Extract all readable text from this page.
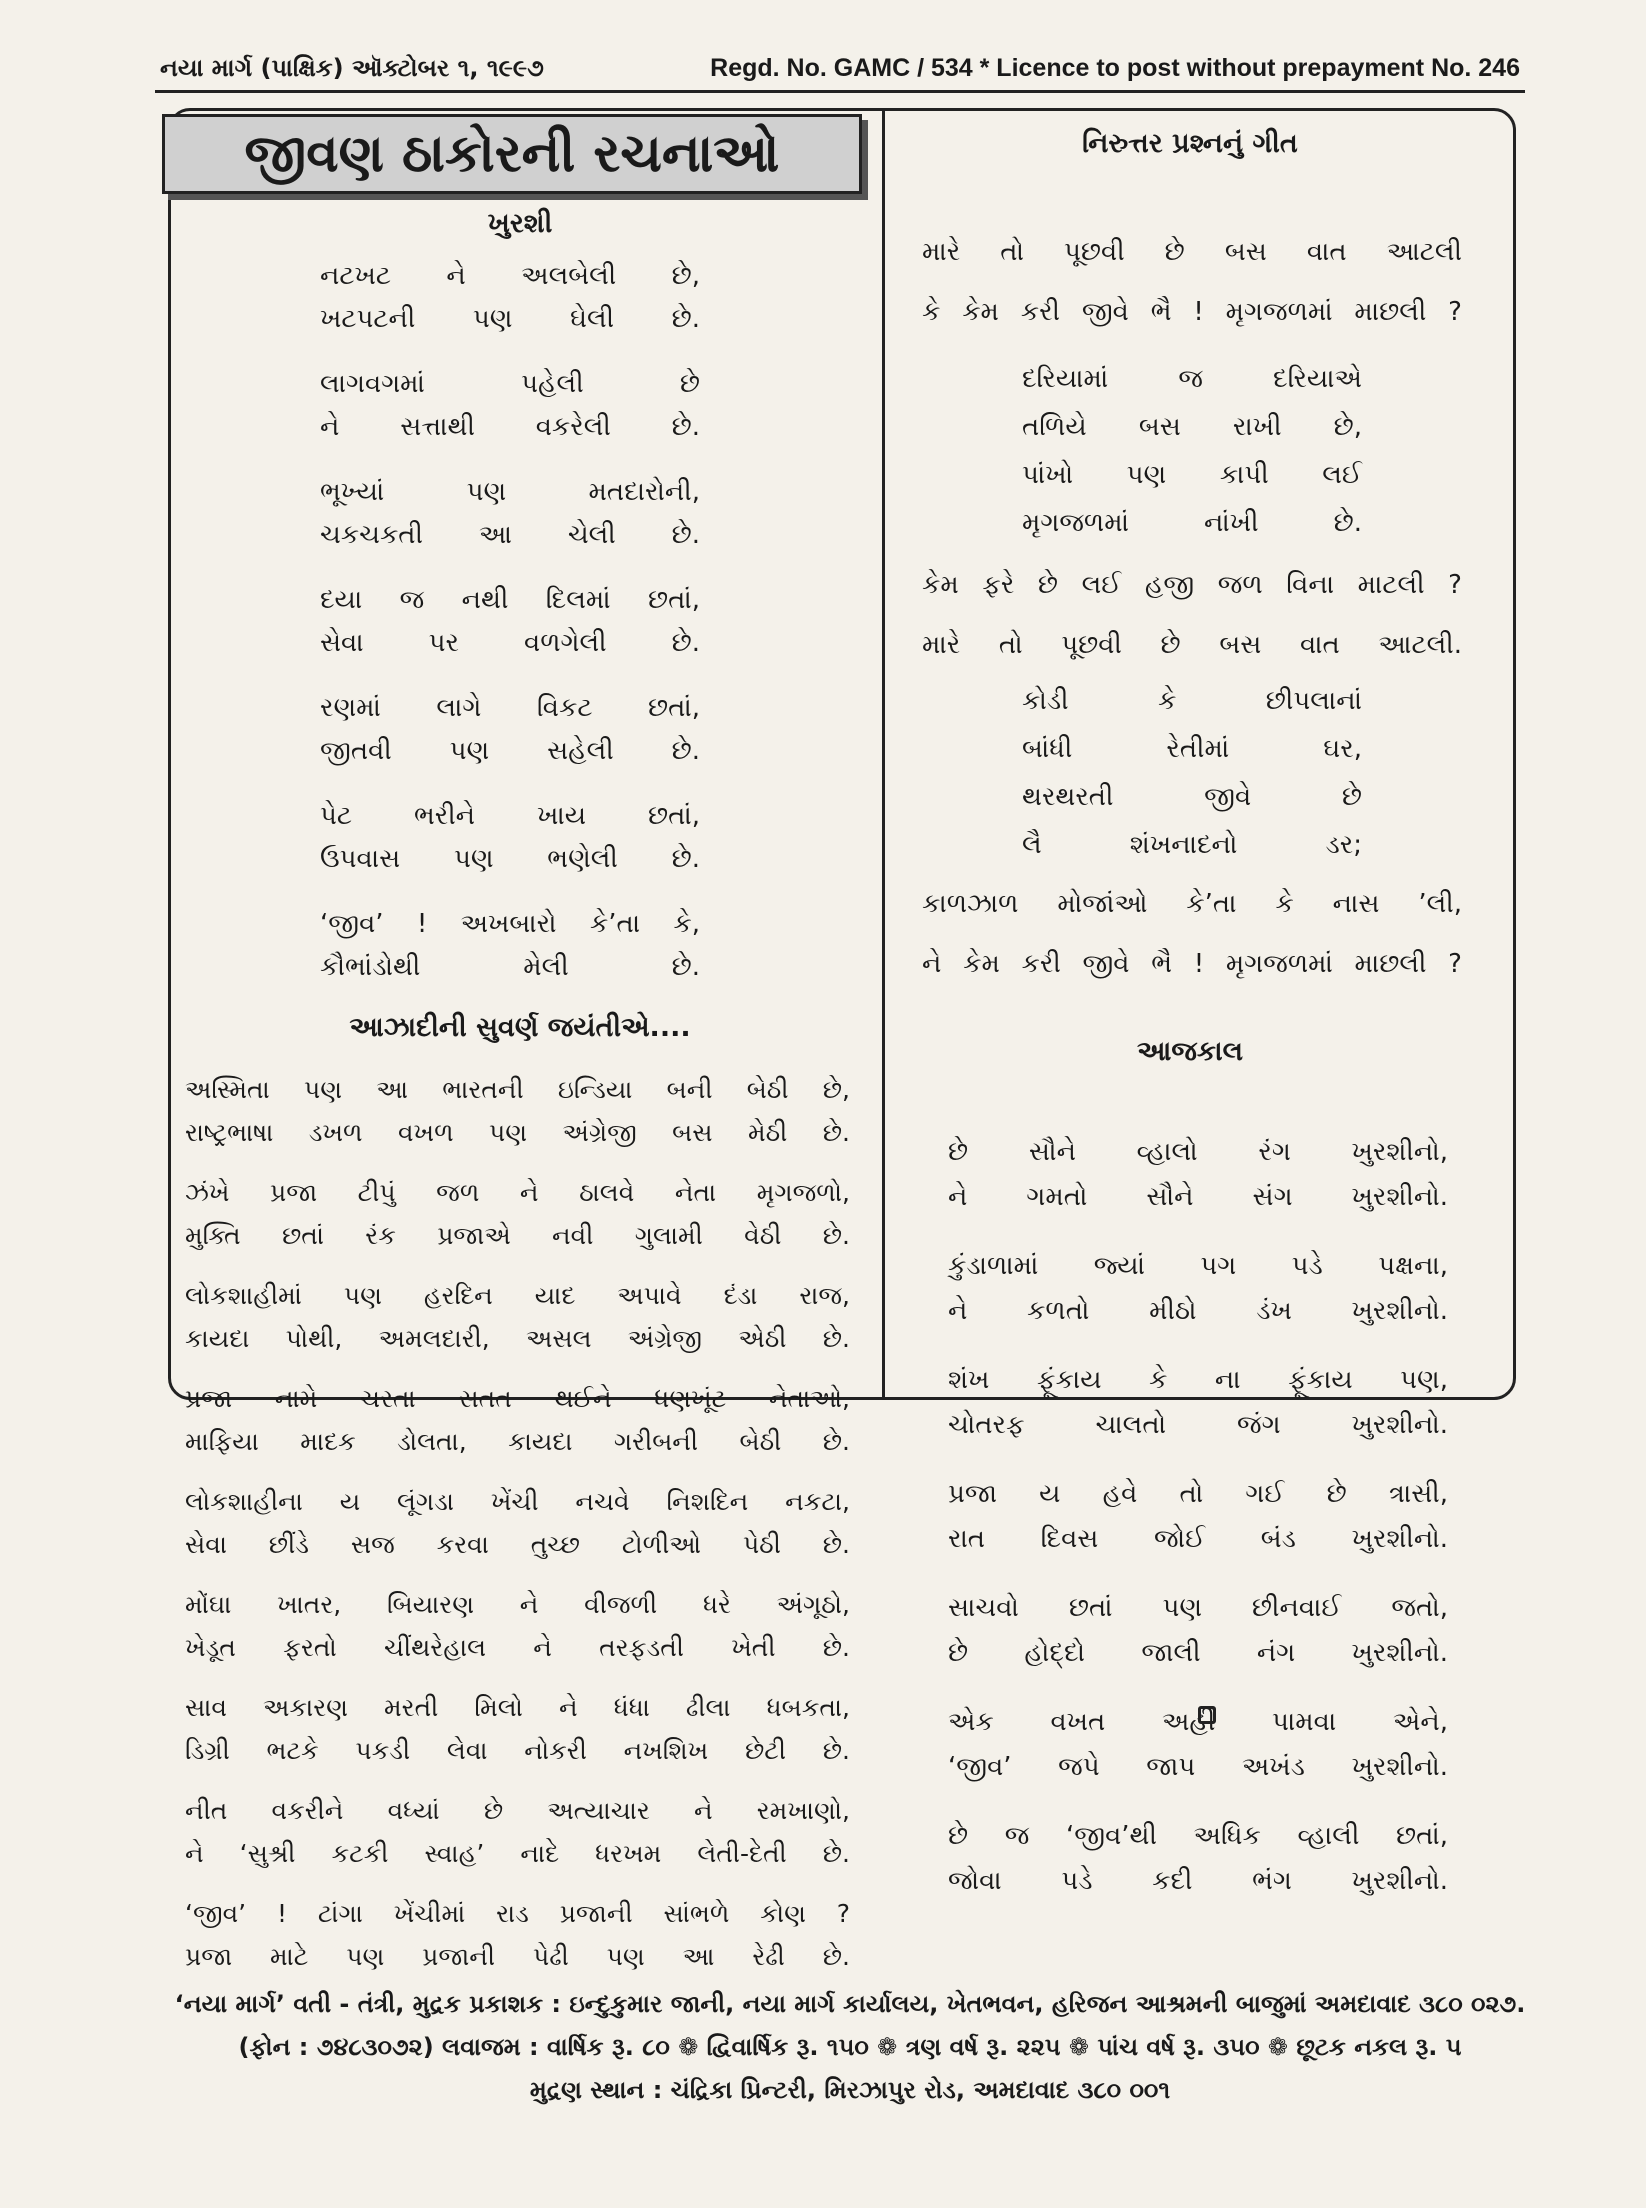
નયા માર્ગ (પાક્ષિક) ઑક્ટોબર ૧, ૧૯૯૭	Regd. No. GAMC / 534 * Licence to post without prepayment No. 246
જીવણ ઠાકોરની રચનાઓ
ખુરશી
નટખટ ને અલબેલી છે,
ખટપટની પણ ઘેલી છે.
લાગવગમાં પહેલી છે
ને સત્તાથી વકરેલી છે.
ભૂખ્યાં પણ મતદારોની,
ચકચકતી આ ચેલી છે.
દયા જ નથી દિલમાં છતાં,
સેવા પર વળગેલી છે.
રણમાં લાગે વિકટ છતાં,
જીતવી પણ સહેલી છે.
પેટ ભરીને ખાય છતાં,
ઉપવાસ પણ ભણેલી છે.
‘જીવ’ ! અખબારો કે’તા કે,
કૌભાંડોથી મેલી છે.
આઝાદીની સુવર્ણ જયંતીએ....
અસ્મિતા પણ આ ભારતની ઇન્ડિયા બની બેઠી છે,
રાષ્ટ્રભાષા ડખળ વખળ પણ અંગ્રેજી બસ મેઠી છે.
ઝંખે પ્રજા ટીપું જળ ને ઠાલવે નેતા મૃગજળો,
મુક્તિ છતાં રંક પ્રજાએ નવી ગુલામી વેઠી છે.
લોકશાહીમાં પણ હરદિન યાદ અપાવે દંડા રાજ,
કાયદા પોથી, અમલદારી, અસલ અંગ્રેજી એઠી છે.
પ્રજા નામે ચરતા સતત થઈને ધણખૂંટ નેતાઓ,
માફિયા માદક ડોલતા, કાયદા ગરીબની બેઠી છે.
લોકશાહીના ય લૂંગડા ખેંચી નચવે નિશદિન નકટા,
સેવા છીંડે સજ કરવા તુચ્છ ટોળીઓ પેઠી છે.
મોંઘા ખાતર, બિયારણ ને વીજળી ધરે અંગૂઠો,
ખેડૂત ફરતો ચીંથરેહાલ ને તરફડતી ખેતી છે.
સાવ અકારણ મરતી મિલો ને ધંધા ઢીલા ધબકતા,
ડિગ્રી ભટકે પકડી લેવા નોકરી નખશિખ છેટી છે.
નીત વકરીને વધ્યાં છે અત્યાચાર ને રમખાણો,
ને ‘સુશ્રી કટકી સ્વાહ’ નાદે ધરખમ લેતી-દેતી છે.
‘જીવ’ ! ટાંગા ખેંચીમાં રાડ પ્રજાની સાંભળે કોણ ?
પ્રજા માટે પણ પ્રજાની પેઢી પણ આ રેઢી છે.
નિરુત્તર પ્રશ્નનું ગીત
મારે તો પૂછવી છે બસ વાત આટલી
કે કેમ કરી જીવે ભૈ ! મૃગજળમાં માછલી ?
દરિયામાં જ દરિયાએ
તળિયે બસ રાખી છે,
પાંખો પણ કાપી લઈ
મૃગજળમાં નાંખી છે.
કેમ ફરે છે લઈ હજી જળ વિના માટલી ?
મારે તો પૂછવી છે બસ વાત આટલી.
કોડી કે છીપલાનાં
બાંધી રેતીમાં ઘર,
થરથરતી જીવે છે
લૈ શંખનાદનો ડર;
કાળઝાળ મોજાંઓ કે’તા કે નાસ ’લી,
ને કેમ કરી જીવે ભૈ ! મૃગજળમાં માછલી ?
આજકાલ
છે સૌને વ્હાલો રંગ ખુરશીનો,
ને ગમતો સૌને સંગ ખુરશીનો.
કુંડાળામાં જ્યાં પગ પડે પક્ષના,
ને કળતો મીઠો ડંખ ખુરશીનો.
શંખ ફૂંકાય કે ના ફૂંકાય પણ,
ચોતરફ ચાલતો જંગ ખુરશીનો.
પ્રજા ય હવે તો ગઈ છે ત્રાસી,
રાત દિવસ જોઈ બંડ ખુરશીનો.
સાચવો છતાં પણ છીનવાઈ જતો,
છે હોદ્દો જાલી નંગ ખુરશીનો.
એક વખત અહીં પામવા એને,
‘જીવ’ જપે જાપ અખંડ ખુરશીનો.
છે જ ‘જીવ’થી અધિક વ્હાલી છતાં,
જોવા પડે કદી ભંગ ખુરશીનો.
‘નયા માર્ગ’ વતી - તંત્રી, મુદ્રક પ્રકાશક : ઇન્દુકુમાર જાની, નયા માર્ગ કાર્યાલય, ખેતભવન, હરિજન આશ્રમની બાજુમાં અમદાવાદ ૩૮૦ ૦૨૭.
(ફોન : ૭૪૮૩૦૭૨) લવાજમ : વાર્ષિક રૂ. ૮૦ ❁ દ્વિવાર્ષિક રૂ. ૧૫૦ ❁ ત્રણ વર્ષ રૂ. ૨૨૫ ❁ પાંચ વર્ષ રૂ. ૩૫૦ ❁ છૂટક નકલ રૂ. ૫
મુદ્રણ સ્થાન : ચંદ્રિકા પ્રિન્ટરી, મિરઝાપુર રોડ, અમદાવાદ ૩૮૦ ૦૦૧
